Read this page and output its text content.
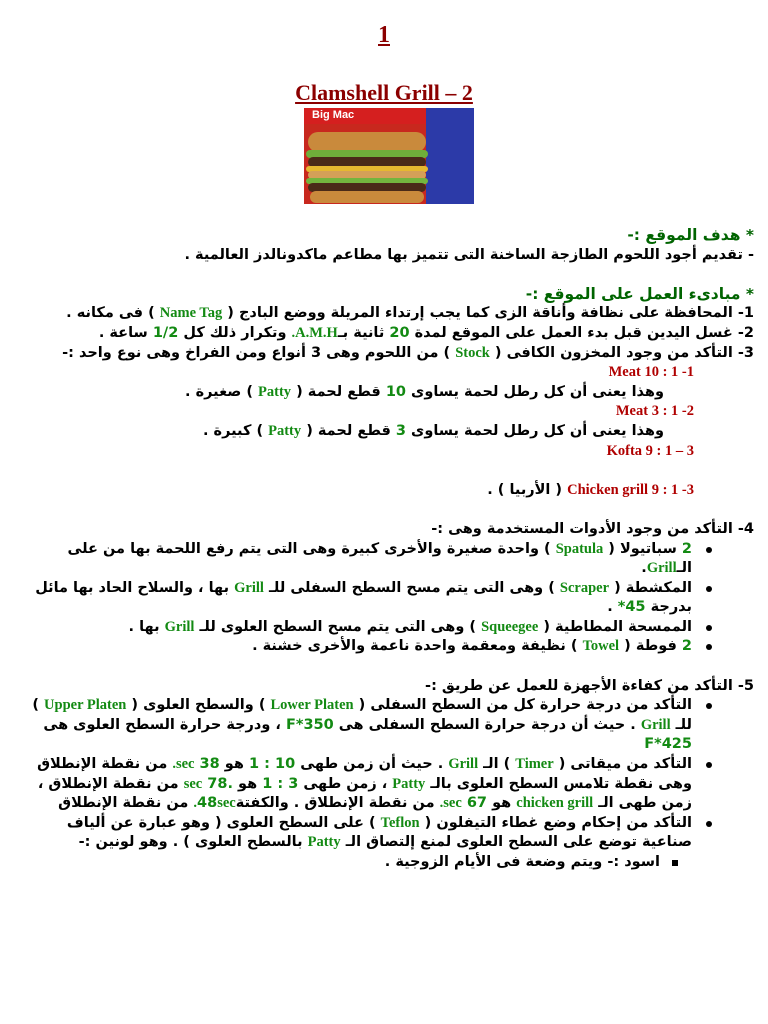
1
Clamshell Grill – 2
Big Mac

* هدف الموقع :-

- تقديم أجود اللحوم الطازجة الساخنة التى تتميز بها مطاعم ماكدونالدز العالمية .

* مبادىء العمل على الموقع :-

1- المحافظة على نظافة وأناقة الزى كما يجب إرتداء المريلة ووضع البادج ( Name Tag ) فى مكانه .

2- غسل اليدين قبل بدء العمل على الموقع لمدة 20 ثانية بـA.M.H. وتكرار ذلك كل 1/2 ساعة .

3- التأكد من وجود المخزون الكافى ( Stock ) من اللحوم وهى 3 أنواع ومن الفراخ وهى نوع واحد :-

1- Meat 10 : 1

وهذا يعنى أن كل رطل لحمة يساوى 10 قطع لحمة ( Patty ) صغيرة .

2- Meat 3 : 1

وهذا يعنى أن كل رطل لحمة يساوى 3 قطع لحمة ( Patty ) كبيرة .

3 – Kofta 9 : 1

3- Chicken grill 9 : 1 ( الأربيا ) .

4- التأكد من وجود الأدوات المستخدمة وهى :-

2 سباتيولا ( Spatula ) واحدة صغيرة والأخرى كبيرة وهى التى يتم رفع اللحمة بها من على الـGrill.
المكشطة ( Scraper ) وهى التى يتم مسح السطح السفلى للـ Grill بها ، والسلاح الحاد بها مائل بدرجة 45* .
الممسحة المطاطية ( Squeegee ) وهى التى يتم مسح السطح العلوى للـ Grill بها .
2 فوطة ( Towel ) نظيفة ومعقمة واحدة ناعمة والأخرى خشنة .

5- التأكد من كفاءة الأجهزة للعمل عن طريق :-

التأكد من درجة حرارة كل من السطح السفلى ( Lower Platen ) والسطح العلوى ( Upper Platen ) للـ Grill . حيث أن درجة حرارة السطح السفلى هى 350*F ، ودرجة حرارة السطح العلوى هى 425*F
التأكد من ميقاتى ( Timer ) الـ Grill . حيث أن زمن طهى 10 : 1 هو 38 sec. من نقطة الإنطلاق وهى نقطة تلامس السطح العلوى بالـ Patty ، زمن طهى 3 : 1 هو .78 sec من نقطة الإنطلاق ، زمن طهى الـ chicken grill هو 67 sec. من نقطة الإنطلاق . والكفتة48sec. من نقطة الإنطلاق
التأكد من إحكام وضع غطاء التيفلون ( Teflon ) على السطح العلوى ( وهو عبارة عن ألياف صناعية توضع على السطح العلوى لمنع إلتصاق الـ Patty بالسطح العلوى ) . وهو لونين :-
اسود :- ويتم وضعة فى الأيام الزوجية .
